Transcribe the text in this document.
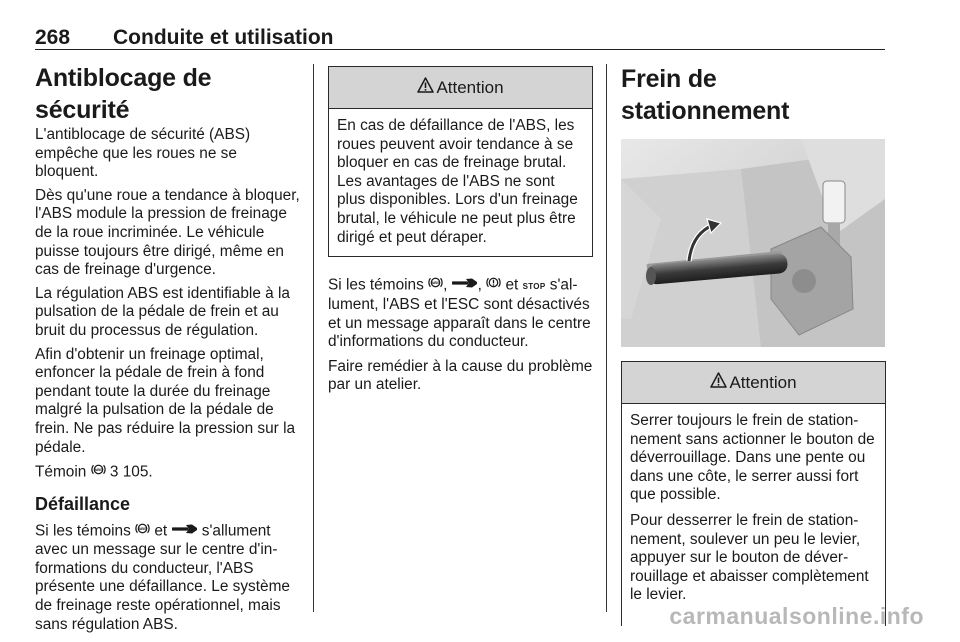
268 Conduite et utilisation
Antiblocage de sécurité

L'antiblocage de sécurité (ABS) empêche que les roues ne se bloquent.

Dès qu'une roue a tendance à bloquer, l'ABS module la pression de freinage de la roue incriminée. Le véhicule puisse toujours être dirigé, même en cas de freinage d'urgence.

La régulation ABS est identifiable à la pulsation de la pédale de frein et au bruit du processus de régulation.

Afin d'obtenir un freinage optimal, enfoncer la pédale de frein à fond pendant toute la durée du freinage malgré la pulsation de la pédale de frein. Ne pas réduire la pression sur la pédale.

Témoin ABS 3 105.

Défaillance

Si les témoins ABS et s'allument avec un message sur le centre d'informations du conducteur, l'ABS présente une défaillance. Le système de freinage reste opérationnel, mais sans régulation ABS.

Attention

En cas de défaillance de l'ABS, les roues peuvent avoir tendance à se bloquer en cas de freinage brutal. Les avantages de l'ABS ne sont plus disponibles. Lors d'un freinage brutal, le véhicule ne peut plus être dirigé et peut déraper.

Si les témoins ABS , ,  et STOP s'allument, l'ABS et l'ESC sont désactivés et un message apparaît dans le centre d'informations du conducteur.

Faire remédier à la cause du problème par un atelier.

Frein de stationnement
Attention

Serrer toujours le frein de stationnement sans actionner le bouton de déverrouillage. Dans une pente ou dans une côte, le serrer aussi fort que possible.

Pour desserrer le frein de stationnement, soulever un peu le levier, appuyer sur le bouton de déverrouillage et abaisser complètement le levier.

carmanualsonline.info
